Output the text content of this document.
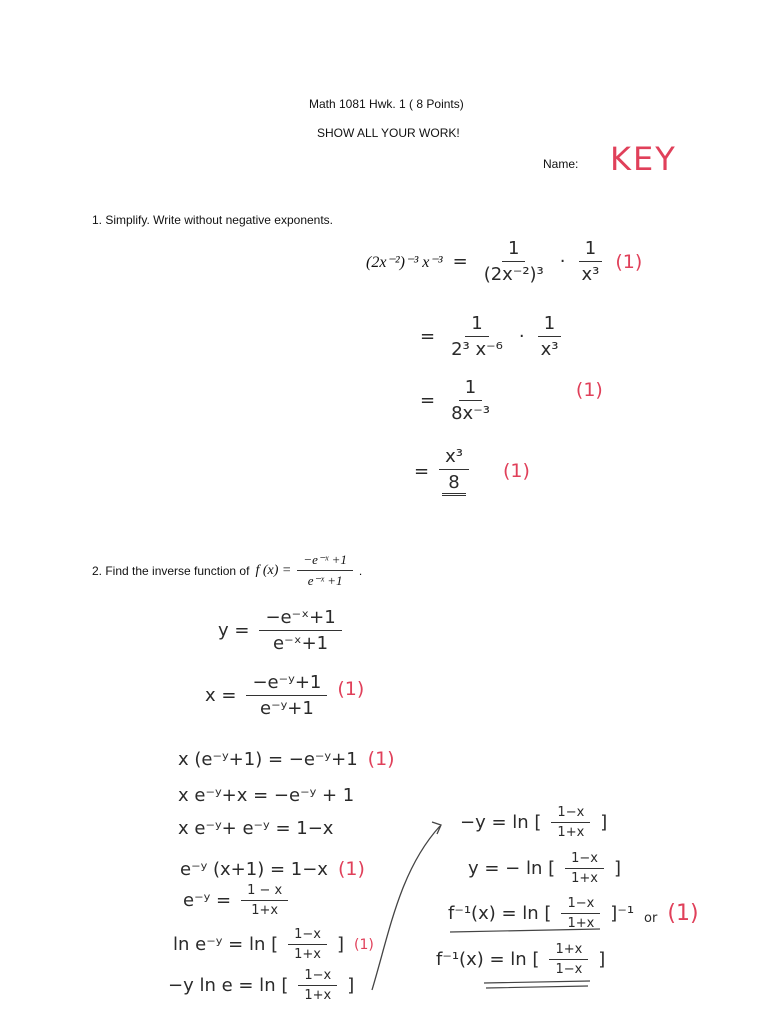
Math 1081 Hwk. 1 ( 8 Points)
SHOW ALL YOUR WORK!
Name: KEY
1. Simplify. Write without negative exponents.
(2x⁻²)⁻³ $x^{-3} = \frac{1}{\text{(2x⁻²)³}} \cdot \frac{1}{\text{x³}} (1)$
= $\frac{1}{\text{2³ x⁻⁶}} \cdot \frac{1}{\text{x³}}$
= $\frac{1}{\text{8x⁻³}}$	(1)
= $\frac{\text{x³}}{8} (1)$
2. Find the inverse function of f $(x) = \frac{\text{−e⁻ˣ +1}}{\text{e⁻ˣ +1}}$ .
$y = \frac{\text{−e⁻ˣ+1}}{\text{e⁻ˣ+1}}$
$x = \frac{\text{−e⁻ʸ+1}}{\text{e⁻ʸ+1}} (1)$
x (e⁻ʸ+1) = −e⁻ʸ+1 (1)
x e⁻ʸ+x = −e⁻ʸ + 1
x e⁻ʸ+ e⁻ʸ = 1−x
e⁻ʸ (x+1) = 1−x (1)
e⁻ʸ = $\frac{1 - x}{1+x}$
ln e⁻ʸ = ln [ $\frac{1-x}{1+x}$ ] (1)
−y ln e = ln [ $\frac{1-x}{1+x}$ ]
−y = ln [ $\frac{1-x}{1+x}$ ]
y = − ln [ $\frac{1-x}{1+x}$ ]
f⁻¹(x) = ln [ $\frac{1-x}{1+x} ]^{-1}$ or (1)
f⁻¹(x) = ln [ $\frac{1+x}{1-x}$ ]
